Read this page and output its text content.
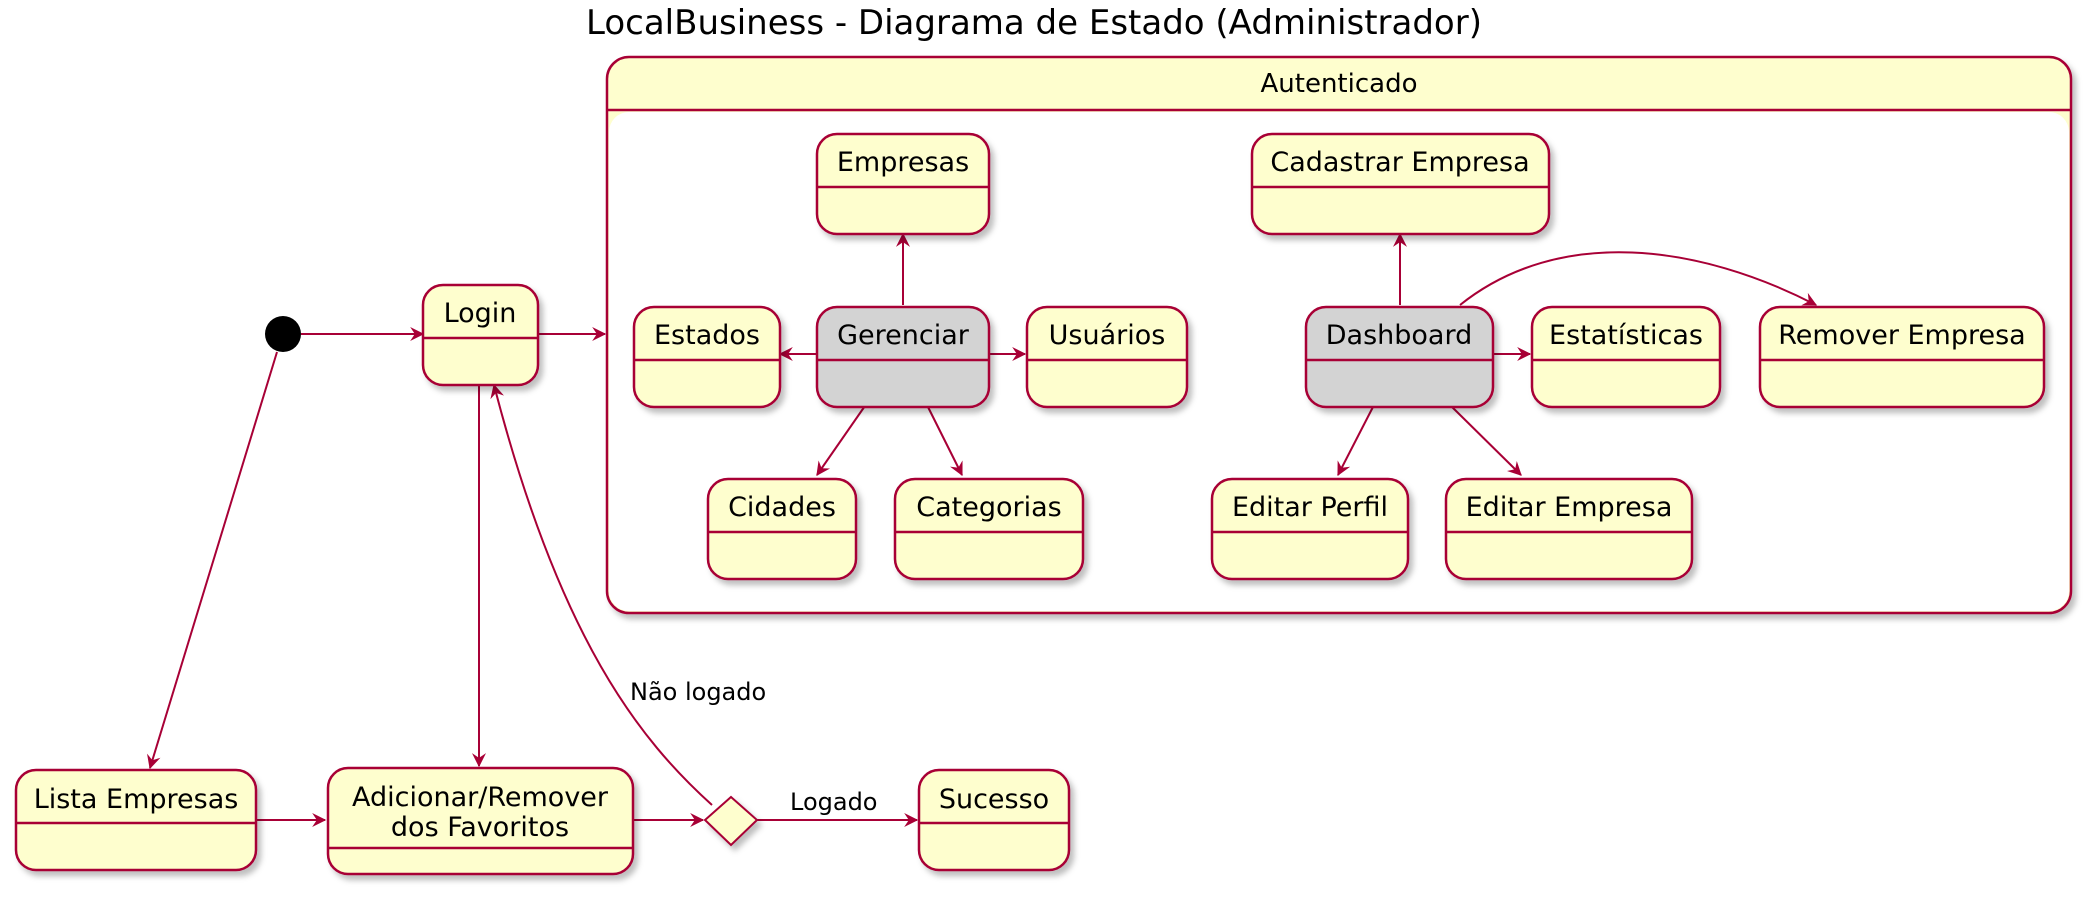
LocalBusiness - Diagrama de Estado (Administrador)
Autenticado
Não logado
Logado
Login
Lista Empresas	Adicionar/Remover
dos Favoritos
Sucesso
Empresas
Estados	Gerenciar	Usuários
Cidades	Categorias
Cadastrar Empresa
Dashboard	Estatísticas	Remover Empresa
Editar Perfil	Editar Empresa
